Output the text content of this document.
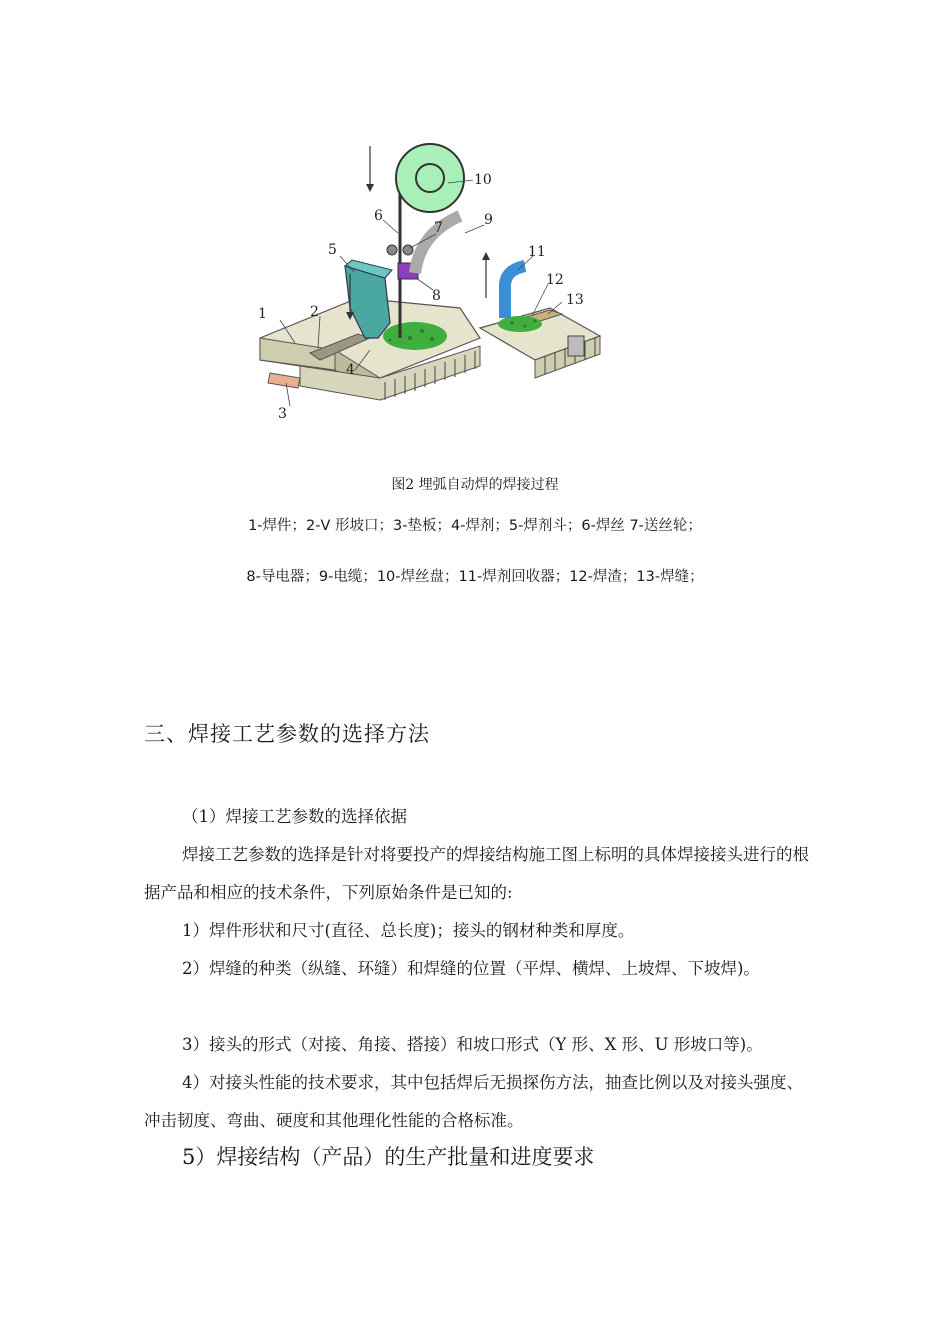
1	2
3
4
5
6
7
8
9
10
11
12
13
图2 埋弧自动焊的焊接过程
1-焊件；2-V 形坡口；3-垫板；4-焊剂；5-焊剂斗；6-焊丝 7-送丝轮；
8-导电器；9-电缆；10-焊丝盘；11-焊剂回收器；12-焊渣；13-焊缝；
三、焊接工艺参数的选择方法
（1）焊接工艺参数的选择依据
焊接工艺参数的选择是针对将要投产的焊接结构施工图上标明的具体焊接接头进行的根据产品和相应的技术条件，下列原始条件是已知的:
1）焊件形状和尺寸(直径、总长度)；接头的钢材种类和厚度。
2）焊缝的种类（纵缝、环缝）和焊缝的位置（平焊、横焊、上坡焊、下坡焊)。
3）接头的形式（对接、角接、搭接）和坡口形式（Y 形、X 形、U 形坡口等)。
4）对接头性能的技术要求，其中包括焊后无损探伤方法，抽查比例以及对接头强度、冲击韧度、弯曲、硬度和其他理化性能的合格标准。
5）焊接结构（产品）的生产批量和进度要求
